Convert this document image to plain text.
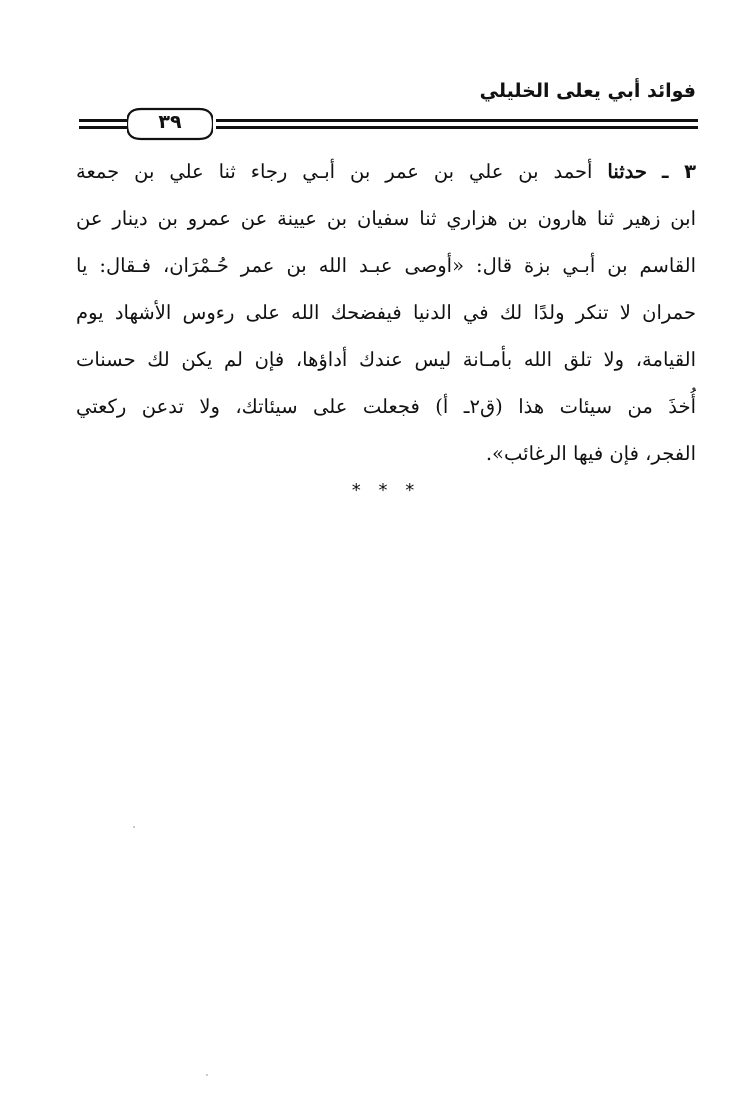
فوائد أبي يعلى الخليلي
٣٩
٣ ـ حدثنا أحمد بن علي بن عمر بن أبـي رجاء ثنا علي بن جمعة
ابن زهير ثنا هارون بن هزاري ثنا سفيان بن عيينة عن عمرو بن دينار عن
القاسم بن أبـي بزة قال: «أوصى عبـد الله بن عمر حُـمْرَان، فـقال: يا
حمران لا تنكر ولدًا لك في الدنيا فيفضحك الله على رءوس الأشهاد يوم
القيامة، ولا تلق الله بأمـانة ليس عندك أداؤها، فإن لم يكن لك حسنات
أُخذَ من سيئات هذا (ق٢ـ أ) فجعلت على سيئاتك، ولا تدعن ركعتي
الفجر، فإن فيها الرغائب».
* * *
